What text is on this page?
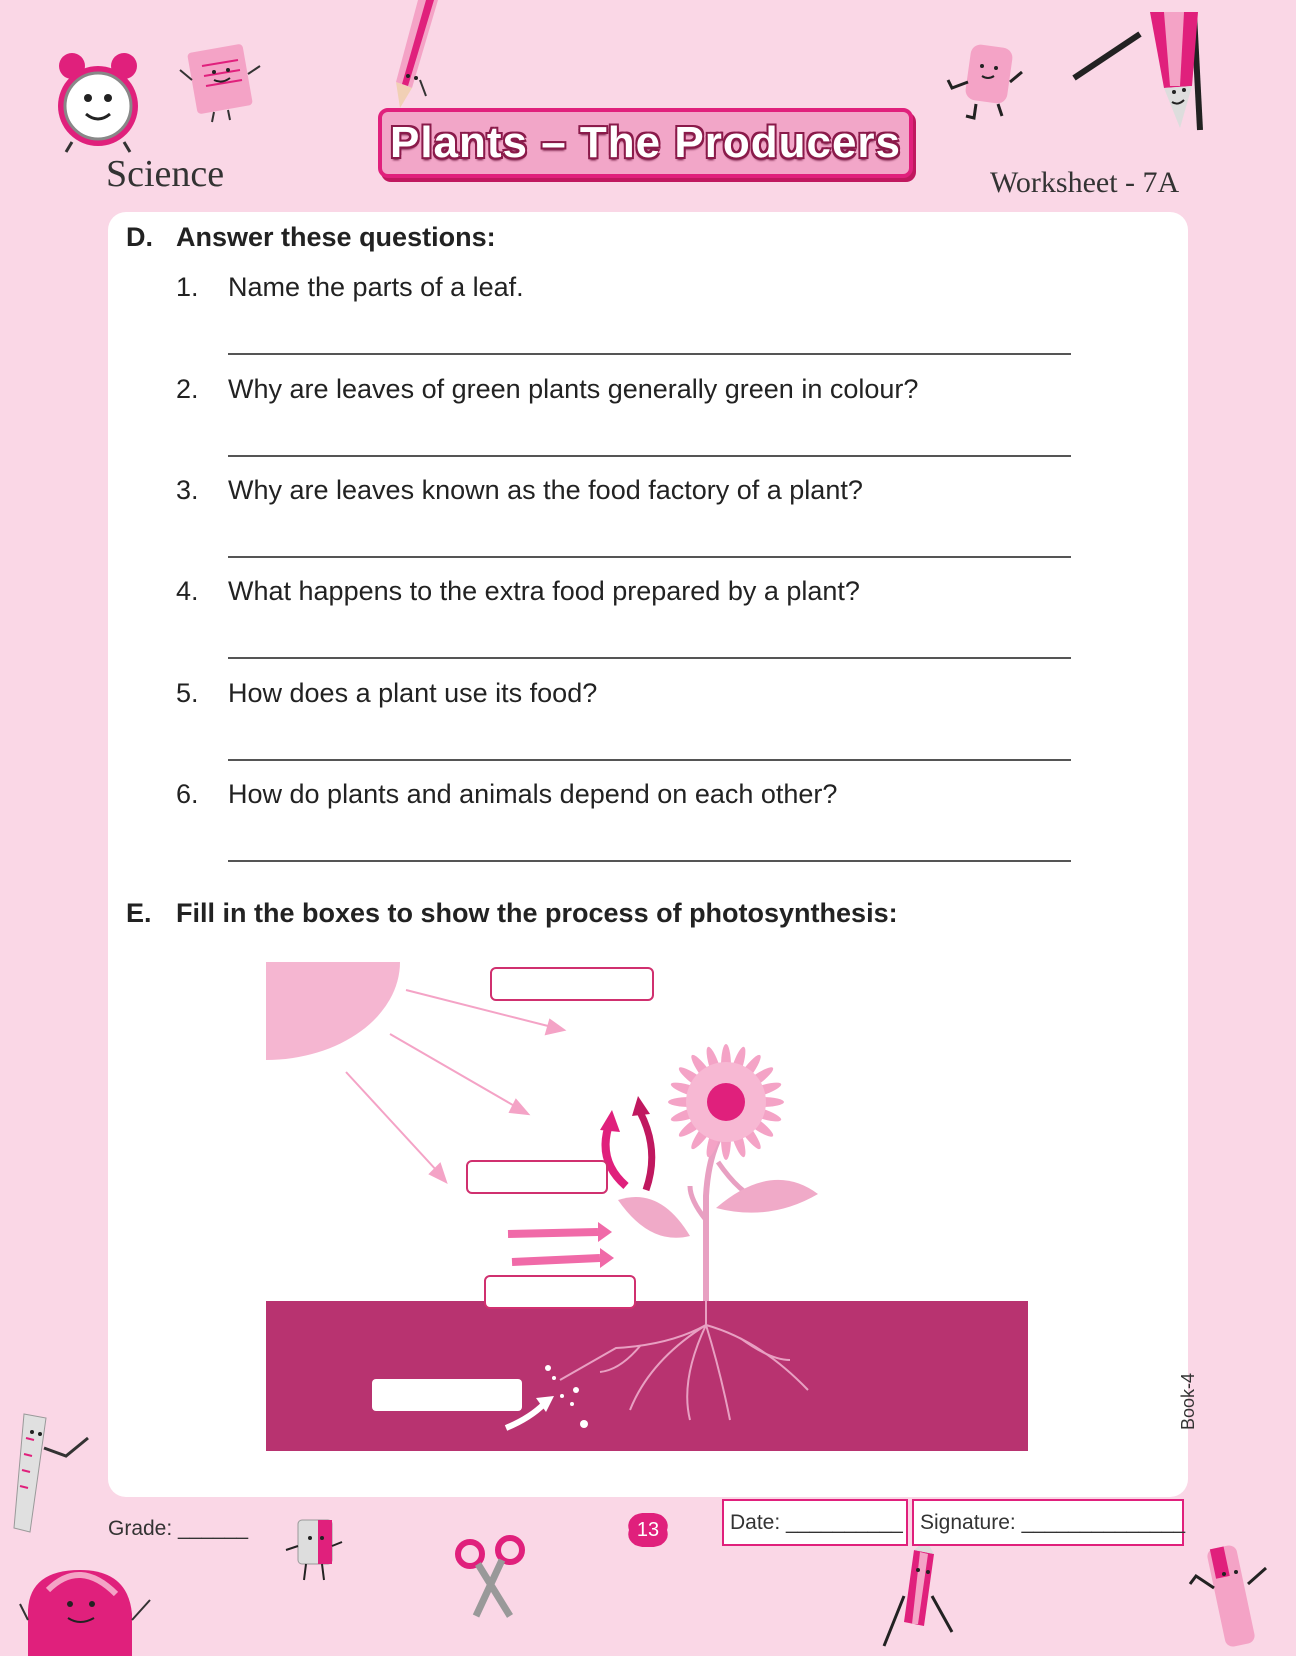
Science
Plants – The Producers
Worksheet - 7A
D. Answer these questions:
1. Name the parts of a leaf.
2. Why are leaves of green plants generally green in colour?
3. Why are leaves known as the food factory of a plant?
4. What happens to the extra food prepared by a plant?
5. How does a plant use its food?
6. How do plants and animals depend on each other?
E. Fill in the boxes to show the process of photosynthesis:
Grade: ______	13	Date: __________ Signature: ______________
Book-4
